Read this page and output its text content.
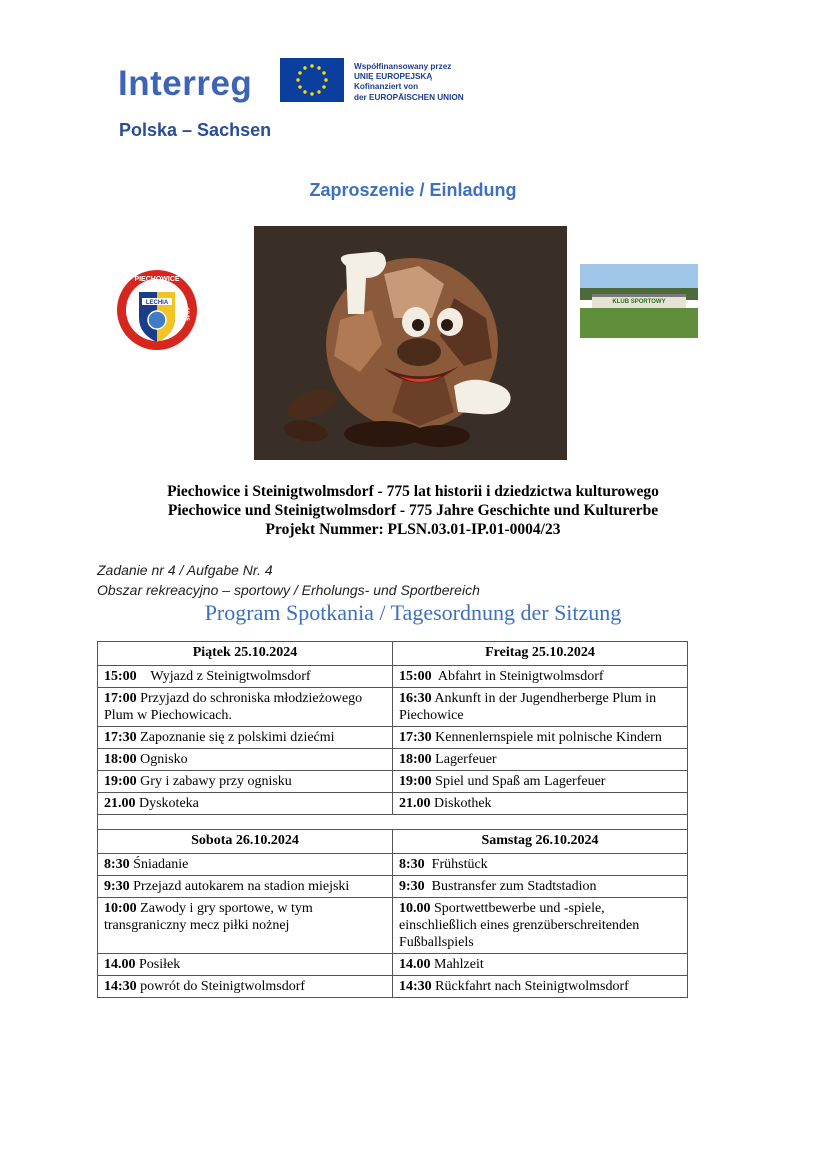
Interreg
Polska – Sachsen
Współfinansowany przez
UNIĘ EUROPEJSKĄ
Kofinanziert von
der EUROPÄISCHEN UNION
Zaproszenie / Einladung
LECHIA
PIECHOWICE
1945
KLUB SPORTOWY
Piechowice i Steinigtwolmsdorf - 775 lat historii i dziedzictwa kulturowego
Piechowice und Steinigtwolmsdorf - 775 Jahre Geschichte und Kulturerbe
Projekt Nummer: PLSN.03.01-IP.01-0004/23
Zadanie nr 4 / Aufgabe Nr. 4
Obszar rekreacyjno – sportowy / Erholungs- und Sportbereich
Program Spotkania / Tagesordnung der Sitzung
Piątek 25.10.2024	Freitag 25.10.2024
15:00    Wyjazd z Steinigtwolmsdorf	15:00  Abfahrt in Steinigtwolmsdorf
17:00 Przyjazd do schroniska młodzieżowego Plum w Piechowicach.	16:30 Ankunft in der Jugendherberge Plum in Piechowice
17:30 Zapoznanie się z polskimi dziećmi	17:30 Kennenlernspiele mit polnische Kindern
18:00 Ognisko	18:00 Lagerfeuer
19:00 Gry i zabawy przy ognisku	19:00 Spiel und Spaß am Lagerfeuer
21.00 Dyskoteka	21.00 Diskothek

Sobota 26.10.2024	Samstag 26.10.2024
8:30 Śniadanie	8:30  Frühstück
9:30 Przejazd autokarem na stadion miejski	9:30  Bustransfer zum Stadtstadion
10:00 Zawody i gry sportowe, w tym transgraniczny mecz piłki nożnej	10.00 Sportwettbewerbe und -spiele, einschließlich eines grenzüberschreitenden Fußballspiels
14.00 Posiłek	14.00 Mahlzeit
14:30 powrót do Steinigtwolmsdorf	14:30 Rückfahrt nach Steinigtwolmsdorf
